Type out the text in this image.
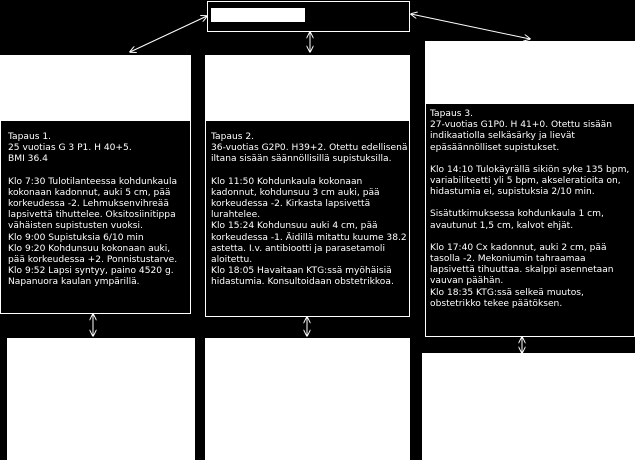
Tapaus 1.
25 vuotias G 3 P1. H 40+5.
BMI 36.4

Klo 7:30 Tulotilanteessa kohdunkaula kokonaan kadonnut, auki 5 cm, pää korkeudessa -2. Lehmuksenvihreää lapsivettä tihuttelee. Oksitosiinitippa vähäisten supistusten vuoksi.
Klo 9:00 Supistuksia 6/10 min
Klo 9:20 Kohdunsuu kokonaan auki, pää korkeudessa +2. Ponnistustarve.
Klo 9:52 Lapsi syntyy, paino 4520 g. Napanuora kaulan ympärillä.

Tapaus 2.
36-vuotias G2P0. H39+2. Otettu edellisenä iltana sisään säännöllisillä supistuksilla.

Klo 11:50 Kohdunkaula kokonaan kadonnut, kohdunsuu 3 cm auki, pää korkeudessa -2. Kirkasta lapsivettä lurahtelee.
Klo 15:24 Kohdunsuu auki 4 cm, pää korkeudessa -1. Äidillä mitattu kuume 38.2 astetta. I.v. antibiootti ja parasetamoli aloitettu.
Klo 18:05 Havaitaan KTG:ssä myöhäisiä hidastumia. Konsultoidaan obstetrikkoa.

Tapaus 3.
27-vuotias G1P0. H 41+0. Otettu sisään indikaatiolla selkäsärky ja lievät epäsäännölliset supistukset.

Klo 14:10 Tulokäyrällä sikiön syke 135 bpm, variabiliteetti yli 5 bpm, akseleratioita on, hidastumia ei, supistuksia 2/10 min.

Sisätutkimuksessa kohdunkaula 1 cm, avautunut 1,5 cm, kalvot ehjät.

Klo 17:40 Cx kadonnut, auki 2 cm, pää tasolla -2. Mekoniumin tahraamaa lapsivettä tihuuttaa. skalppi asennetaan vauvan päähän.
Klo 18:35 KTG:ssä selkeä muutos, obstetrikko tekee päätöksen.
